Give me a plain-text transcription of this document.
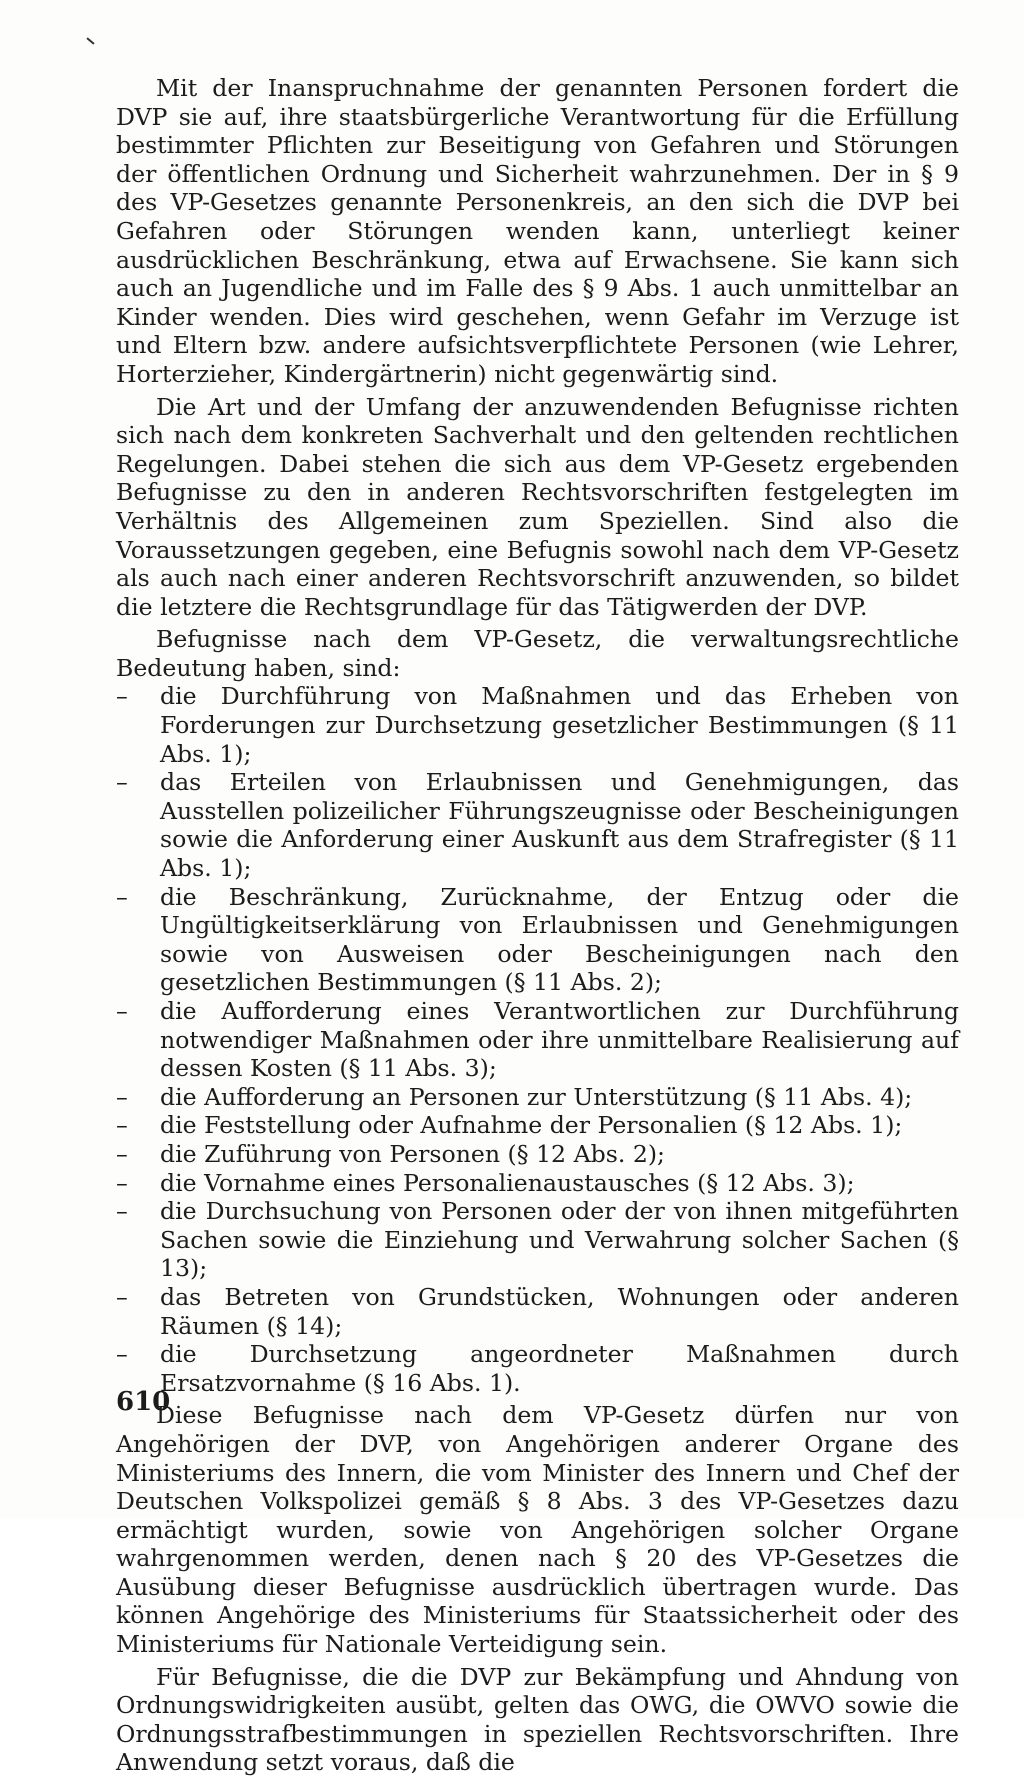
Mit der Inanspruchnahme der genannten Personen fordert die DVP sie auf, ihre staatsbürgerliche Verantwortung für die Erfüllung bestimmter Pflichten zur Beseitigung von Gefahren und Störungen der öffentlichen Ordnung und Sicherheit wahrzunehmen. Der in § 9 des VP-Gesetzes genannte Personenkreis, an den sich die DVP bei Gefahren oder Störungen wenden kann, unterliegt keiner ausdrücklichen Beschränkung, etwa auf Erwachsene. Sie kann sich auch an Jugendliche und im Falle des § 9 Abs. 1 auch unmittelbar an Kinder wenden. Dies wird geschehen, wenn Gefahr im Verzuge ist und Eltern bzw. andere aufsichtsverpflichtete Personen (wie Lehrer, Horterzieher, Kindergärtnerin) nicht gegenwärtig sind.

Die Art und der Umfang der anzuwendenden Befugnisse richten sich nach dem konkreten Sachverhalt und den geltenden rechtlichen Regelungen. Dabei stehen die sich aus dem VP-Gesetz ergebenden Befugnisse zu den in anderen Rechtsvorschriften festgelegten im Verhältnis des Allgemeinen zum Speziellen. Sind also die Voraussetzungen gegeben, eine Befugnis sowohl nach dem VP-Gesetz als auch nach einer anderen Rechtsvorschrift anzuwenden, so bildet die letztere die Rechtsgrundlage für das Tätigwerden der DVP.

Befugnisse nach dem VP-Gesetz, die verwaltungsrechtliche Bedeutung haben, sind:

– die Durchführung von Maßnahmen und das Erheben von Forderungen zur Durchsetzung gesetzlicher Bestimmungen (§ 11 Abs. 1);
– das Erteilen von Erlaubnissen und Genehmigungen, das Ausstellen polizeilicher Führungszeugnisse oder Bescheinigungen sowie die Anforderung einer Auskunft aus dem Strafregister (§ 11 Abs. 1);
– die Beschränkung, Zurücknahme, der Entzug oder die Ungültigkeitserklärung von Erlaubnissen und Genehmigungen sowie von Ausweisen oder Bescheinigungen nach den gesetzlichen Bestimmungen (§ 11 Abs. 2);
– die Aufforderung eines Verantwortlichen zur Durchführung notwendiger Maßnahmen oder ihre unmittelbare Realisierung auf dessen Kosten (§ 11 Abs. 3);
– die Aufforderung an Personen zur Unterstützung (§ 11 Abs. 4);
– die Feststellung oder Aufnahme der Personalien (§ 12 Abs. 1);
– die Zuführung von Personen (§ 12 Abs. 2);
– die Vornahme eines Personalienaustausches (§ 12 Abs. 3);
– die Durchsuchung von Personen oder der von ihnen mitgeführten Sachen sowie die Einziehung und Verwahrung solcher Sachen (§ 13);
– das Betreten von Grundstücken, Wohnungen oder anderen Räumen (§ 14);
– die Durchsetzung angeordneter Maßnahmen durch Ersatzvornahme (§ 16 Abs. 1).

Diese Befugnisse nach dem VP-Gesetz dürfen nur von Angehörigen der DVP, von Angehörigen anderer Organe des Ministeriums des Innern, die vom Minister des Innern und Chef der Deutschen Volkspolizei gemäß § 8 Abs. 3 des VP-Gesetzes dazu ermächtigt wurden, sowie von Angehörigen solcher Organe wahrgenommen werden, denen nach § 20 des VP-Gesetzes die Ausübung dieser Befugnisse ausdrücklich übertragen wurde. Das können Angehörige des Ministeriums für Staatssicherheit oder des Ministeriums für Nationale Verteidigung sein.

Für Befugnisse, die die DVP zur Bekämpfung und Ahndung von Ordnungswidrigkeiten ausübt, gelten das OWG, die OWVO sowie die Ordnungsstrafbestimmungen in speziellen Rechtsvorschriften. Ihre Anwendung setzt voraus, daß die

610
